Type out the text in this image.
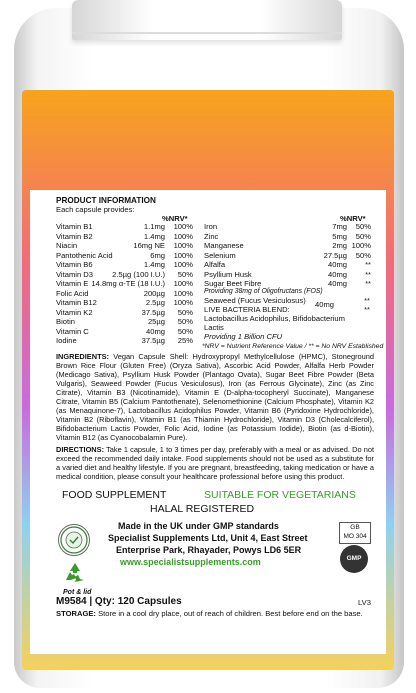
PRODUCT INFORMATION
Each capsule provides:
%NRV*	%NRV*
Vitamin B1	1.1mg 100%
Vitamin B2	1.4mg 100%
Niacin	16mg NE 100%
Pantothenic Acid	6mg 100%
Vitamin B6	1.4mg 100%
Vitamin D3	2.5µg (100 I.U.) 50%
Vitamin E 14.8mg α-TE (18 I.U.) 100%
Folic Acid	200µg 100%
Vitamin B12	2.5µg 100%
Vitamin K2	37.5µg 50%
Biotin	25µg 50%
Vitamin C	40mg 50%
Iodine	37.5µg 25%
Iron	7mg 50%
Zinc	5mg 50%
Manganese	2mg 100%
Selenium	27.5µg 50%
Alfalfa	40mg **
Psyllium Husk	40mg **
Sugar Beet Fibre	40mg **
Providing 38mg of Oligofructans (FOS)
Seaweed (Fucus Vesiculosus)	40mg	**
LIVE BACTERIA BLEND:	**
Lactobacillus Acidophilus, Bifidobacterium
Lactis
Providing 1 Billion CFU
*NRV = Nutrient Reference Value / ** = No NRV Established
INGREDIENTS: Vegan Capsule Shell: Hydroxypropyl Methylcellulose (HPMC), Stoneground Brown Rice Flour (Gluten Free) (Oryza Sativa), Ascorbic Acid Powder, Alfalfa Herb Powder (Medicago Sativa), Psyllium Husk Powder (Plantago Ovata), Sugar Beet Fibre Powder (Beta Vulgaris), Seaweed Powder (Fucus Vesiculosus), Iron (as Ferrous Glycinate), Zinc (as Zinc Citrate), Vitamin B3 (Nicotinamide), Vitamin E (D-alpha-tocopheryl Succinate), Manganese Citrate, Vitamin B5 (Calcium Pantothenate), Selenomethionine (Calcium Phosphate), Vitamin K2 (as Menaquinone-7), Lactobacillus Acidophilus Powder, Vitamin B6 (Pyridoxine Hydrochloride), Vitamin B2 (Riboflavin), Vitamin B1 (as Thiamin Hydrochloride), Vitamin D3 (Cholecalciferol), Bifidobacterium Lactis Powder, Folic Acid, Iodine (as Potassium Iodide), Biotin (as d-Biotin), Vitamin B12 (as Cyanocobalamin Pure).
DIRECTIONS: Take 1 capsule, 1 to 3 times per day, preferably with a meal or as advised. Do not exceed the recommended daily intake. Food supplements should not be used as a substitute for a varied diet and healthy lifestyle. If you are pregnant, breastfeeding, taking medication or have a medical condition, please consult your healthcare professional before using this product.
FOOD SUPPLEMENT	SUITABLE FOR VEGETARIANS
HALAL REGISTERED
Pot & lid
Made in the UK under GMP standards
Specialist Supplements Ltd, Unit 4, East Street
Enterprise Park, Rhayader, Powys LD6 5ER
www.specialistsupplements.com
GB
MO 304
GMP
M9584 | Qty: 120 Capsules	LV3
STORAGE: Store in a cool dry place, out of reach of children. Best before end on the base.
